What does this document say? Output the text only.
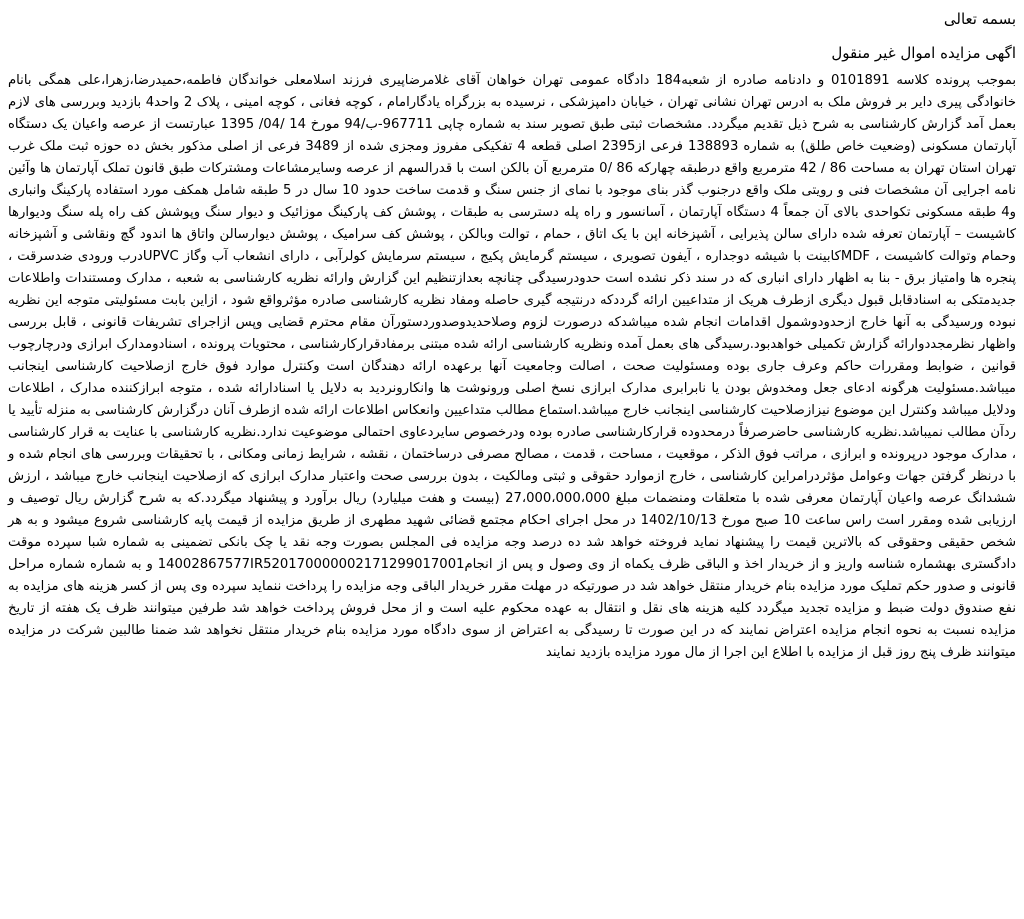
بسمه تعالی
اگهی مزایده اموال غیر منقول

بموجب پرونده کلاسه 0101891 و دادنامه صادره از شعبه184 دادگاه عمومی تهران خواهان آقای غلامرضاپیری فرزند اسلامعلی خواندگان فاطمه،حمیدرضا،زهرا،علی همگی بانام خانوادگی پیری دایر بر فروش ملک به ادرس تهران نشانی تهران ، خیابان دامپزشکی ، نرسیده به بزرگراه یادگارامام ، کوچه فغانی ، کوچه امینی ، پلاک 2 واحد4 بازدید وبررسی های لازم بعمل آمد گزارش کارشناسی به شرح ذیل تقدیم میگردد. مشخصات ثبتی طبق تصویر سند به شماره چاپی 967711-ب/94 مورخ 14 /04/ 1395 عبارتست از عرصه واعیان یک دستگاه آپارتمان مسکونی (وضعیت خاص طلق) به شماره 138893 فرعی از2395 اصلی قطعه 4 تفکیکی مفروز ومجزی شده از 3489 فرعی از اصلی مذکور بخش ده حوزه ثبت ملک غرب تهران استان تهران به مساحت 86 / 42 مترمربع واقع درطبقه چهارکه 86 /0 مترمربع آن بالکن است با قدرالسهم از عرصه وسایرمشاعات ومشترکات طبق قانون تملک آپارتمان ها وآئین نامه اجرایی آن مشخصات فنی و رویتی ملک واقع درجنوب گذر بنای موجود با نمای از جنس سنگ و قدمت ساخت حدود 10 سال در 5 طبقه شامل همکف مورد استفاده پارکینگ وانباری و4 طبقه مسکونی تکواحدی بالای آن جمعاً 4 دستگاه آپارتمان ، آسانسور و راه پله دسترسی به طبقات ، پوشش کف پارکینگ موزائیک و دیوار سنگ وپوشش کف راه پله سنگ ودیوارها کاشیست – آپارتمان تعرفه شده دارای سالن پذیرایی ، آشپزخانه اپن با یک اتاق ، حمام ، توالت وبالکن ، پوشش کف سرامیک ، پوشش دیوارسالن واتاق ها اندود گچ ونقاشی و آشپزخانه وحمام وتوالت کاشیست ، MDFکابینت با شیشه دوجداره ، آیفون تصویری ، سیستم گرمایش پکیج ، سیستم سرمایش کولرآبی ، دارای انشعاب آب وگاز UPVCدرب ورودی ضدسرقت ، پنجره ها وامتیاز برق - بنا به اظهار دارای انباری که در سند ذکر نشده است حدودرسیدگی چنانچه بعدازتنظیم این گزارش وارائه نظریه کارشناسی به شعبه ، مدارک ومستندات واطلاعات جدیدمتکی به اسنادقابل قبول دیگری ازطرف هریک از متداعیین ارائه گرددکه درنتیجه گیری حاصله ومفاد نظریه کارشناسی صادره مؤثرواقع شود ، ازاین بابت مسئولیتی متوجه این نظریه نبوده ورسیدگی به آنها خارج ازحدودوشمول اقدامات انجام شده میباشدکه درصورت لزوم وصلاحدیدوصدوردستورآن مقام محترم قضایی وپس ازاجرای تشریفات قانونی ، قابل بررسی واظهار نظرمجددوارائه گزارش تکمیلی خواهدبود.رسیدگی های بعمل آمده ونظریه کارشناسی ارائه شده مبتنی برمفادقرارکارشناسی ، محتویات پرونده ، اسنادومدارک ابرازی ودرچارچوب قوانین ، ضوابط ومقررات حاکم وعرف جاری بوده ومسئولیت صحت ، اصالت وجامعیت آنها برعهده ارائه دهندگان است وکنترل موارد فوق خارج ازصلاحیت کارشناسی اینجانب میباشد.مسئولیت هرگونه ادعای جعل ومخدوش بودن یا نابرابری مدارک ابرازی نسخ اصلی ورونوشت ها وانکارونردید به دلایل یا اسنادارائه شده ، متوجه ابرازکننده مدارک ، اطلاعات ودلایل میباشد وکنترل این موضوع نیزازصلاحیت کارشناسی اینجانب خارج میباشد.استماع مطالب متداعیین وانعکاس اطلاعات ارائه شده ازطرف آنان درگزارش کارشناسی به منزله تأیید یا ردآن مطالب نمیباشد.نظریه کارشناسی حاضرصرفاً درمحدوده قرارکارشناسی صادره بوده ودرخصوص سایردعاوی احتمالی موضوعیت ندارد.نظریه کارشناسی با عنایت به قرار کارشناسی ، مدارک موجود درپرونده و ابرازی ، مراتب فوق الذکر ، موقعیت ، مساحت ، قدمت ، مصالح مصرفی درساختمان ، نقشه ، شرایط زمانی ومکانی ، با تحقیقات وبررسی های انجام شده و با درنظر گرفتن جهات وعوامل مؤثردرامراین کارشناسی ، خارج ازموارد حقوقی و ثبتی ومالکیت ، بدون بررسی صحت واعتبار مدارک ابرازی که ازصلاحیت اینجانب خارج میباشد ، ارزش ششدانگ عرصه واعیان آپارتمان معرفی شده با متعلقات ومنضمات مبلغ 27،000،000،000 (بیست و هفت میلیارد) ریال برآورد و پیشنهاد میگردد.که به شرح گزارش ریال توصیف و ارزیابی شده ومقرر است راس ساعت 10 صبح مورخ 1402/10/13 در محل اجرای احکام مجتمع قضائی شهید مطهری از طریق مزایده از قیمت پایه کارشناسی شروع میشود و به هر شخص حقیقی وحقوقی که بالاترین قیمت را پیشنهاد نماید فروخته خواهد شد ده درصد وجه مزایده فی المجلس بصورت وجه نقد یا چک بانکی تضمینی به شماره شبا سپرده موقت دادگستری بهشماره شناسه واریز و از خریدار اخذ و الباقی ظرف یکماه از وی وصول و پس از انجام14002867577IR520170000002171299017001 و به شماره شماره مراحل قانونی و صدور حکم تملیک مورد مزایده بنام خریدار منتقل خواهد شد در صورتیکه در مهلت مقرر خریدار الباقی وجه مزایده را پرداخت ننماید سپرده وی پس از کسر هزینه های مزایده به نفع صندوق دولت ضبط و مزایده تجدید میگردد کلیه هزینه های نقل و انتقال به عهده محکوم علیه است و از محل فروش پرداخت خواهد شد طرفین میتوانند ظرف یک هفته از تاریخ مزایده نسبت به نحوه انجام مزایده اعتراض نمایند که در این صورت تا رسیدگی به اعتراض از سوی دادگاه مورد مزایده بنام خریدار منتقل نخواهد شد ضمنا طالبین شرکت در مزایده میتوانند ظرف پنج روز قبل از مزایده با اطلاع این اجرا از مال مورد مزایده بازدید نمایند
